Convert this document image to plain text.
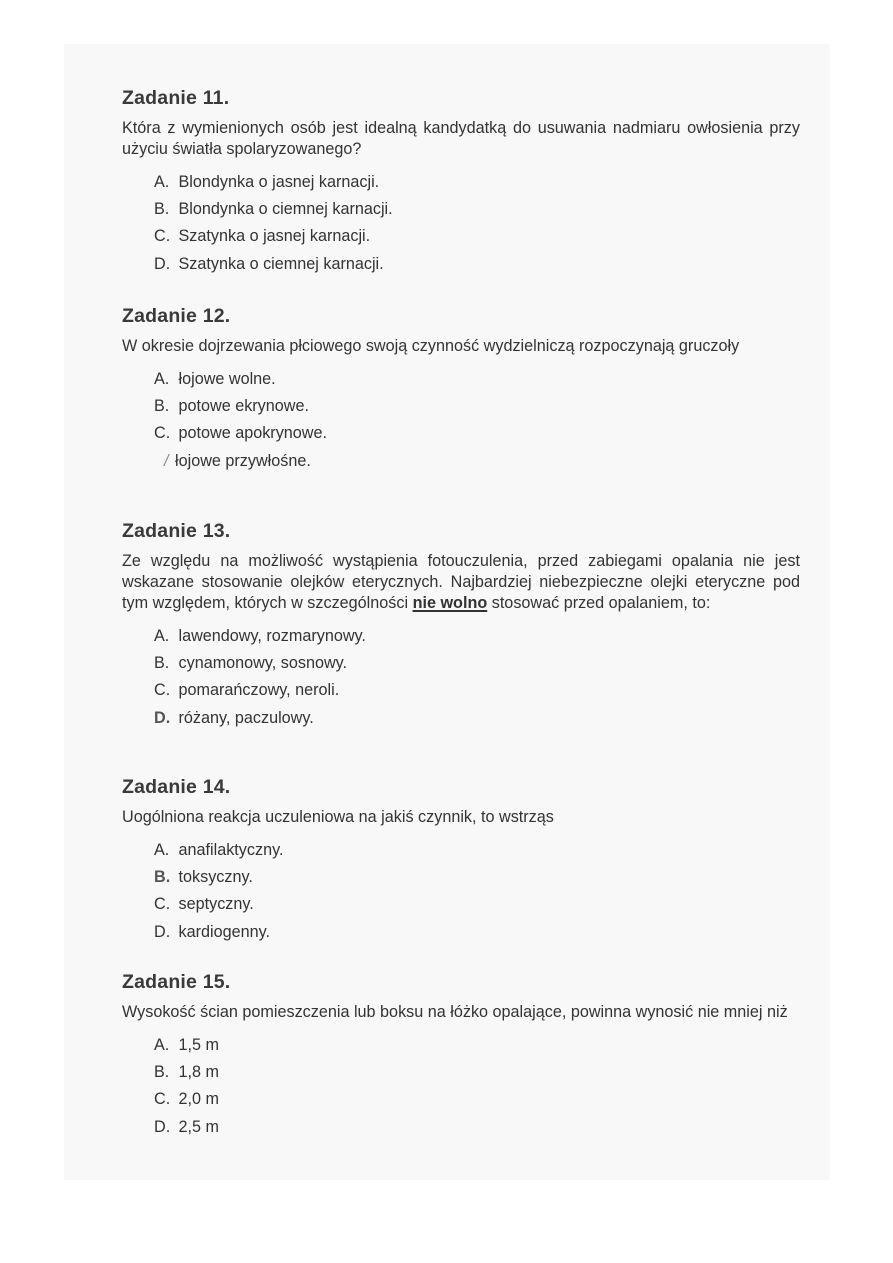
Zadanie 11.

Która z wymienionych osób jest idealną kandydatką do usuwania nadmiaru owłosienia przy użyciu światła spolaryzowanego?

A. Blondynka o jasnej karnacji.
B. Blondynka o ciemnej karnacji.
C. Szatynka o jasnej karnacji.
D. Szatynka o ciemnej karnacji.
Zadanie 12.

W okresie dojrzewania płciowego swoją czynność wydzielniczą rozpoczynają gruczoły

A. łojowe wolne.
B. potowe ekrynowe.
C. potowe apokrynowe.
/ łojowe przywłośne.
Zadanie 13.

Ze względu na możliwość wystąpienia fotouczulenia, przed zabiegami opalania nie jest wskazane stosowanie olejków eterycznych. Najbardziej niebezpieczne olejki eteryczne pod tym względem, których w szczególności nie wolno stosować przed opalaniem, to:

A. lawendowy, rozmarynowy.
B. cynamonowy, sosnowy.
C. pomarańczowy, neroli.
D. różany, paczulowy.
Zadanie 14.

Uogólniona reakcja uczuleniowa na jakiś czynnik, to wstrząs

A. anafilaktyczny.
B. toksyczny.
C. septyczny.
D. kardiogenny.
Zadanie 15.

Wysokość ścian pomieszczenia lub boksu na łóżko opalające, powinna wynosić nie mniej niż

A. 1,5 m
B. 1,8 m
C. 2,0 m
D. 2,5 m
